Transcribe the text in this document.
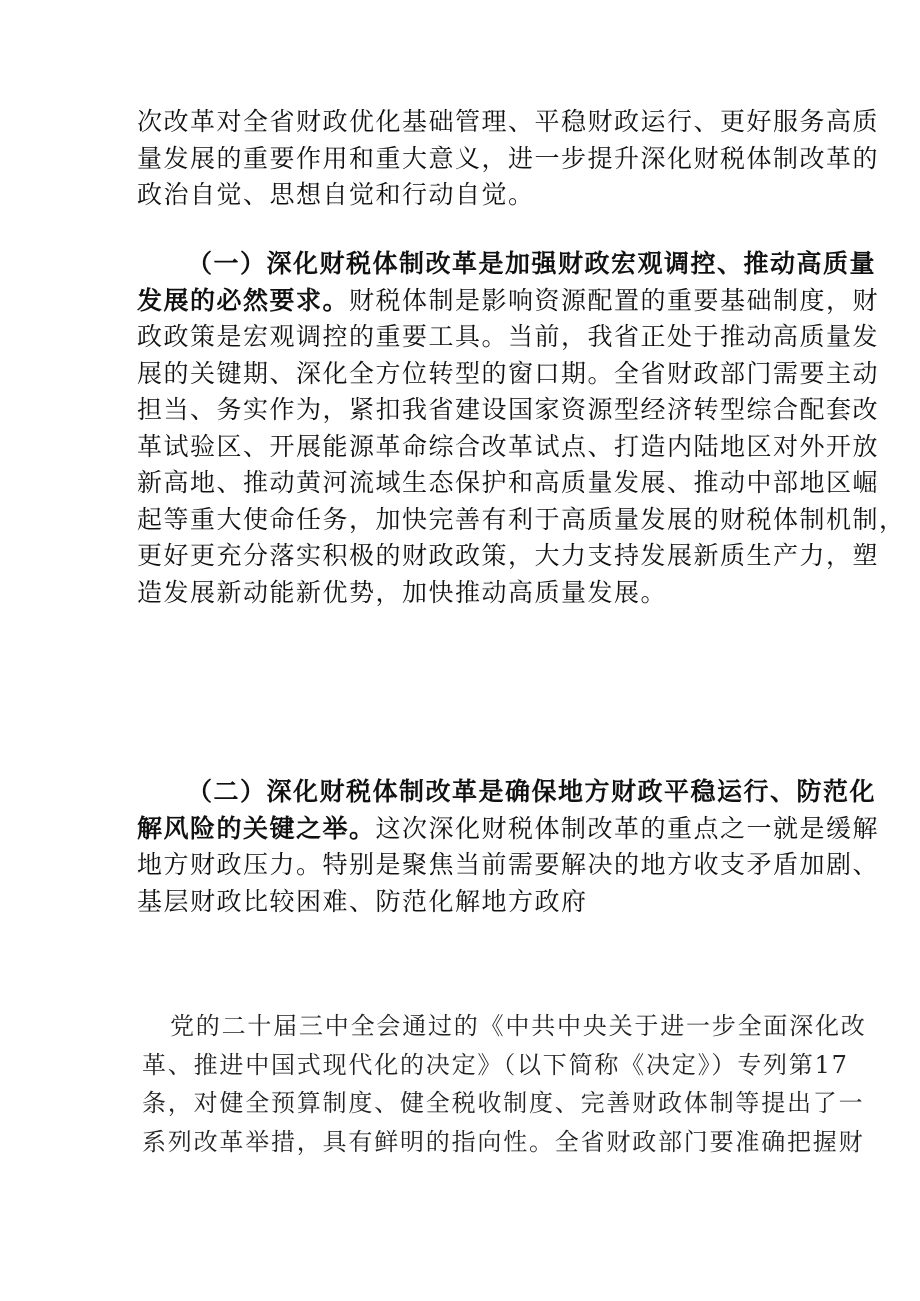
次改革对全省财政优化基础管理、平稳财政运行、更好服务高质
量发展的重要作用和重大意义，进一步提升深化财税体制改革的
政治自觉、思想自觉和行动自觉。

（一）深化财税体制改革是加强财政宏观调控、推动高质量
发展的必然要求。财税体制是影响资源配置的重要基础制度，财
政政策是宏观调控的重要工具。当前，我省正处于推动高质量发
展的关键期、深化全方位转型的窗口期。全省财政部门需要主动
担当、务实作为，紧扣我省建设国家资源型经济转型综合配套改
革试验区、开展能源革命综合改革试点、打造内陆地区对外开放
新高地、推动黄河流域生态保护和高质量发展、推动中部地区崛
起等重大使命任务，加快完善有利于高质量发展的财税体制机制，
更好更充分落实积极的财政政策，大力支持发展新质生产力，塑
造发展新动能新优势，加快推动高质量发展。

（二）深化财税体制改革是确保地方财政平稳运行、防范化
解风险的关键之举。这次深化财税体制改革的重点之一就是缓解
地方财政压力。特别是聚焦当前需要解决的地方收支矛盾加剧、
基层财政比较困难、防范化解地方政府

党的二十届三中全会通过的《中共中央关于进一步全面深化改
革、推进中国式现代化的决定》（以下简称《决定》）专列第17
条，对健全预算制度、健全税收制度、完善财政体制等提出了一
系列改革举措，具有鲜明的指向性。全省财政部门要准确把握财
